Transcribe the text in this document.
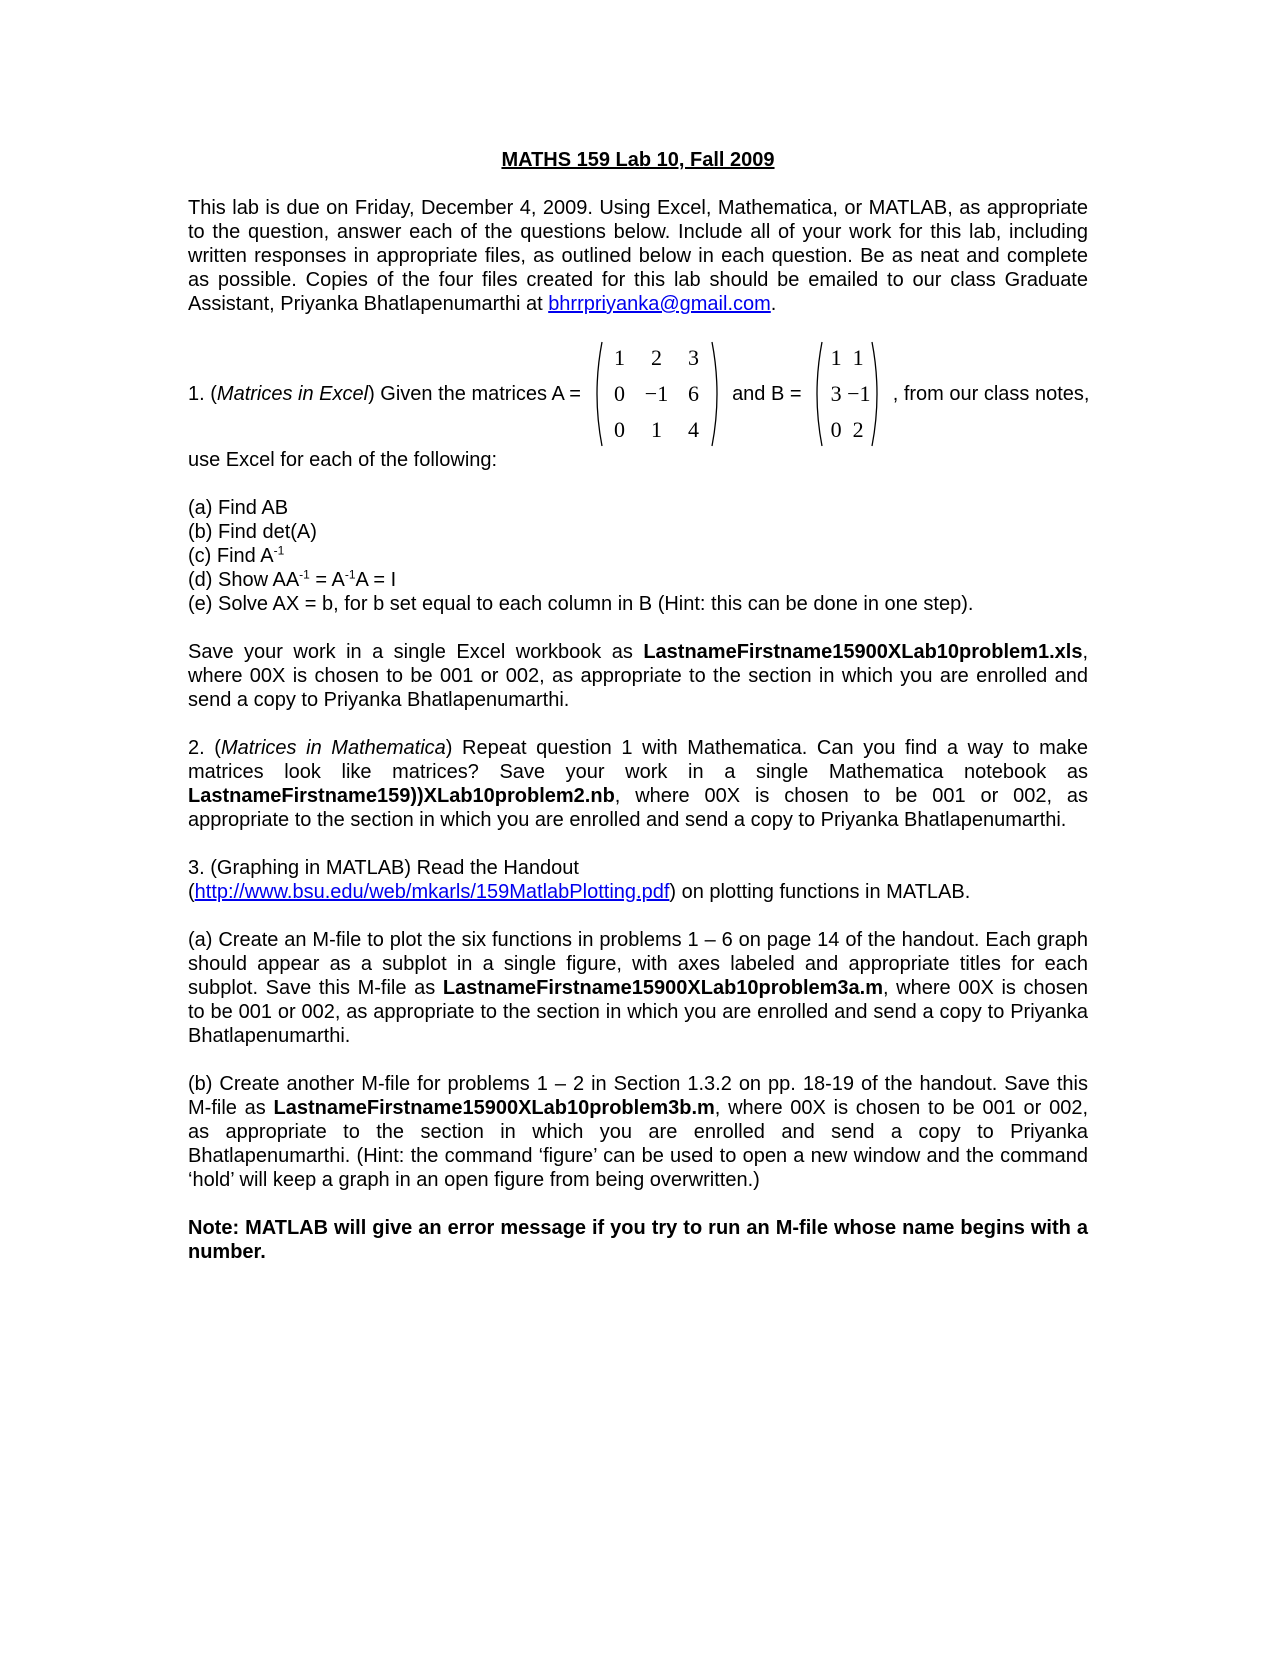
MATHS 159 Lab 10, Fall 2009

This lab is due on Friday, December 4, 2009. Using Excel, Mathematica, or MATLAB, as appropriate to the question, answer each of the questions below. Include all of your work for this lab, including written responses in appropriate files, as outlined below in each question. Be as neat and complete as possible. Copies of the four files created for this lab should be emailed to our class Graduate Assistant, Priyanka Bhatlapenumarthi at bhrrpriyanka@gmail.com.

1. (Matrices in Excel) Given the matrices A =
1	2	3
0 −1 6
0	1	4
and B =
1 1
3 −1
0 2
, from our class notes,

use Excel for each of the following:

(a) Find AB

(b) Find det(A)

(c) Find $A^{-1}$

(d) Show $AA^{-1} = A^{-1}A = I$

(e) Solve AX = b, for b set equal to each column in B (Hint: this can be done in one step).

Save your work in a single Excel workbook as LastnameFirstname15900XLab10problem1.xls, where 00X is chosen to be 001 or 002, as appropriate to the section in which you are enrolled and send a copy to Priyanka Bhatlapenumarthi.

2. (Matrices in Mathematica) Repeat question 1 with Mathematica. Can you find a way to make matrices look like matrices? Save your work in a single Mathematica notebook as LastnameFirstname159))XLab10problem2.nb, where 00X is chosen to be 001 or 002, as appropriate to the section in which you are enrolled and send a copy to Priyanka Bhatlapenumarthi.

3. (Graphing in MATLAB) Read the Handout

(http://www.bsu.edu/web/mkarls/159MatlabPlotting.pdf) on plotting functions in MATLAB.

(a) Create an M-file to plot the six functions in problems 1 – 6 on page 14 of the handout. Each graph should appear as a subplot in a single figure, with axes labeled and appropriate titles for each subplot. Save this M-file as LastnameFirstname15900XLab10problem3a.m, where 00X is chosen to be 001 or 002, as appropriate to the section in which you are enrolled and send a copy to Priyanka Bhatlapenumarthi.

(b) Create another M-file for problems 1 – 2 in Section 1.3.2 on pp. 18-19 of the handout. Save this M-file as LastnameFirstname15900XLab10problem3b.m, where 00X is chosen to be 001 or 002, as appropriate to the section in which you are enrolled and send a copy to Priyanka Bhatlapenumarthi. (Hint: the command ‘figure’ can be used to open a new window and the command ‘hold’ will keep a graph in an open figure from being overwritten.)

Note: MATLAB will give an error message if you try to run an M-file whose name begins with a number.
